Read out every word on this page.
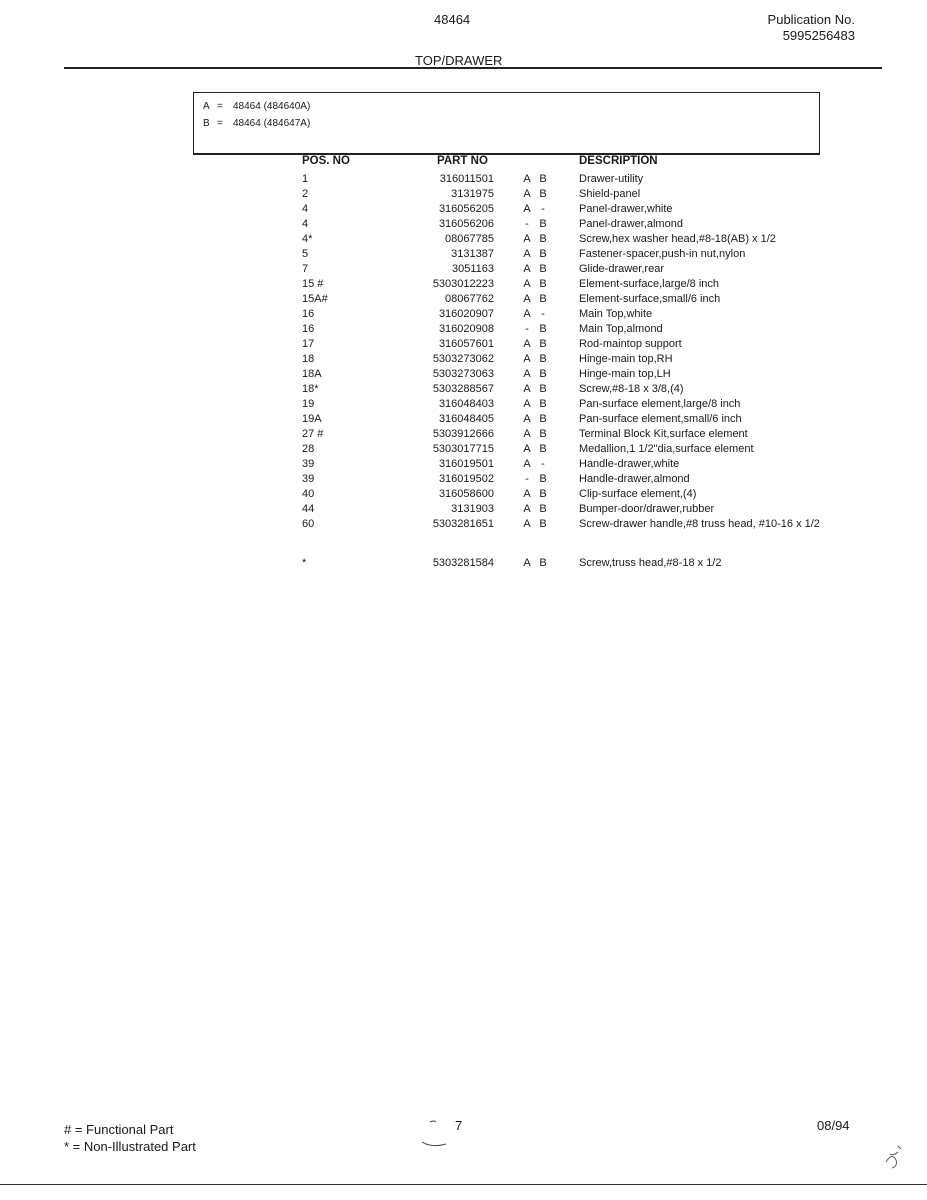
48464	Publication No.
5995256483
TOP/DRAWER
A = 48464 (484640A)
B = 48464 (484647A)
POS. NO	PART NO	DESCRIPTION
1	316011501	A B	Drawer-utility
2	3131975	A B	Shield-panel
4	316056205	A -	Panel-drawer,white
4	316056206	- B	Panel-drawer,almond
4*	08067785	A B	Screw,hex washer head,#8-18(AB) x 1/2
5	3131387	A B	Fastener-spacer,push-in nut,nylon
7	3051163	A B	Glide-drawer,rear
15 #	5303012223	A B	Element-surface,large/8 inch
15A#	08067762	A B	Element-surface,small/6 inch
16	316020907	A -	Main Top,white
16	316020908	- B	Main Top,almond
17	316057601	A B	Rod-maintop support
18	5303273062	A B	Hinge-main top,RH
18A	5303273063	A B	Hinge-main top,LH
18*	5303288567	A B	Screw,#8-18 x 3/8,(4)
19	316048403	A B	Pan-surface element,large/8 inch
19A	316048405	A B	Pan-surface element,small/6 inch
27 #	5303912666	A B	Terminal Block Kit,surface element
28	5303017715	A B	Medallion,1 1/2"dia,surface element
39	316019501	A -	Handle-drawer,white
39	316019502	- B	Handle-drawer,almond
40	316058600	A B	Clip-surface element,(4)
44	3131903	A B	Bumper-door/drawer,rubber
60	5303281651	A B	Screw-drawer handle,#8 truss head, #10-16 x 1/2
*	5303281584	A B	Screw,truss head,#8-18 x 1/2
# = Functional Part
* = Non-Illustrated Part
7	08/94
